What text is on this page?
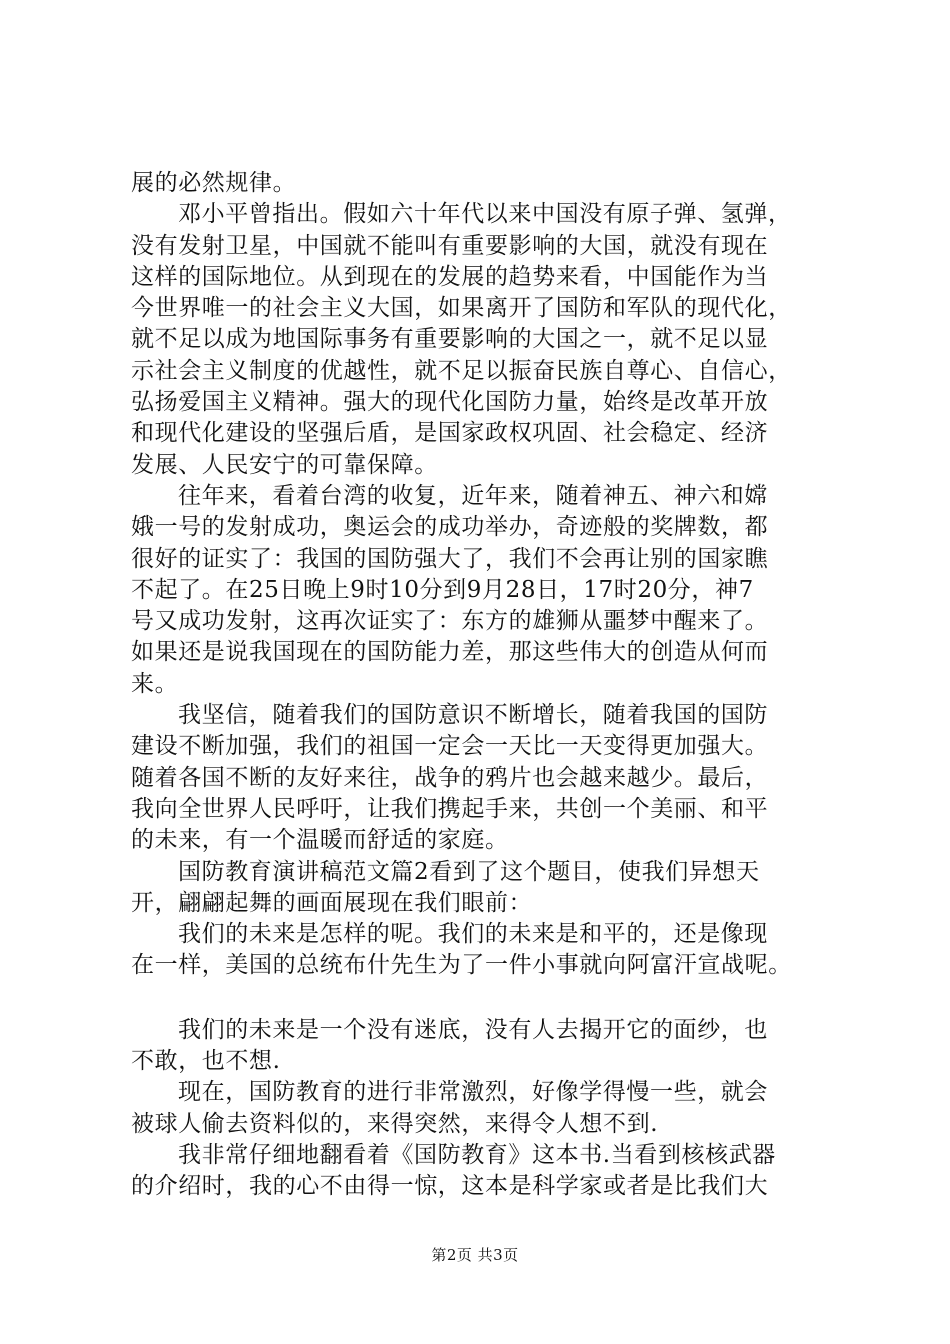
展的必然规律。
邓小平曾指出。假如六十年代以来中国没有原子弹、氢弹，
没有发射卫星，中国就不能叫有重要影响的大国，就没有现在
这样的国际地位。从到现在的发展的趋势来看，中国能作为当
今世界唯一的社会主义大国，如果离开了国防和军队的现代化，
就不足以成为地国际事务有重要影响的大国之一，就不足以显
示社会主义制度的优越性，就不足以振奋民族自尊心、自信心，
弘扬爱国主义精神。强大的现代化国防力量，始终是改革开放
和现代化建设的坚强后盾，是国家政权巩固、社会稳定、经济
发展、人民安宁的可靠保障。
往年来，看着台湾的收复，近年来，随着神五、神六和嫦
娥一号的发射成功，奥运会的成功举办，奇迹般的奖牌数，都
很好的证实了：我国的国防强大了，我们不会再让别的国家瞧
不起了。在25日晚上9时10分到9月28日，17时20分，神7
号又成功发射，这再次证实了：东方的雄狮从噩梦中醒来了。
如果还是说我国现在的国防能力差，那这些伟大的创造从何而
来。
我坚信，随着我们的国防意识不断增长，随着我国的国防
建设不断加强，我们的祖国一定会一天比一天变得更加强大。
随着各国不断的友好来往，战争的鸦片也会越来越少。最后，
我向全世界人民呼吁，让我们携起手来，共创一个美丽、和平
的未来，有一个温暖而舒适的家庭。
国防教育演讲稿范文篇2看到了这个题目，使我们异想天
开，翩翩起舞的画面展现在我们眼前：
我们的未来是怎样的呢。我们的未来是和平的，还是像现
在一样，美国的总统布什先生为了一件小事就向阿富汗宣战呢。
我们的未来是一个没有迷底，没有人去揭开它的面纱，也
不敢，也不想.
现在，国防教育的进行非常激烈，好像学得慢一些，就会
被球人偷去资料似的，来得突然，来得令人想不到.
我非常仔细地翻看着《国防教育》这本书.当看到核核武器
的介绍时，我的心不由得一惊，这本是科学家或者是比我们大
第2页 共3页
